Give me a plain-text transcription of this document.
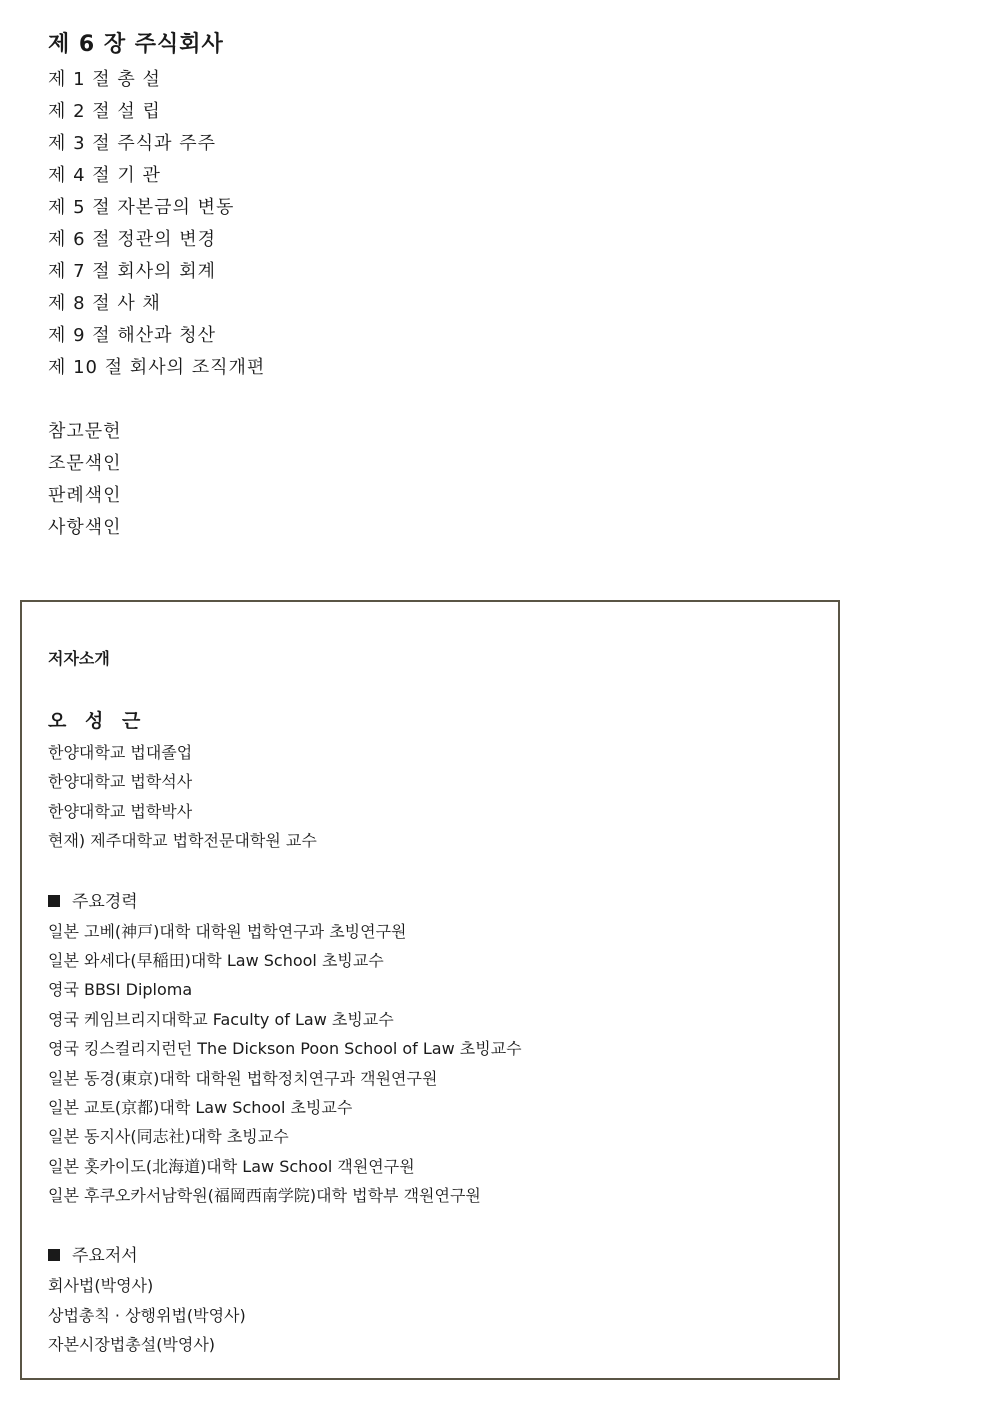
제 6 장 주식회사
제 1 절 총 설
제 2 절 설 립
제 3 절 주식과 주주
제 4 절 기 관
제 5 절 자본금의 변동
제 6 절 정관의 변경
제 7 절 회사의 회계
제 8 절 사 채
제 9 절 해산과 청산
제 10 절 회사의 조직개편
참고문헌
조문색인
판례색인
사항색인
저자소개
오 성 근
한양대학교 법대졸업
한양대학교 법학석사
한양대학교 법학박사
현재) 제주대학교 법학전문대학원 교수
주요경력
일본 고베(神戸)대학 대학원 법학연구과 초빙연구원
일본 와세다(早稲田)대학 Law School 초빙교수
영국 BBSI Diploma
영국 케임브리지대학교 Faculty of Law 초빙교수
영국 킹스컬리지런던 The Dickson Poon School of Law 초빙교수
일본 동경(東京)대학 대학원 법학정치연구과 객원연구원
일본 교토(京都)대학 Law School 초빙교수
일본 동지사(同志社)대학 초빙교수
일본 홋카이도(北海道)대학 Law School 객원연구원
일본 후쿠오카서남학원(福岡西南学院)대학 법학부 객원연구원
주요저서
회사법(박영사)
상법총칙 · 상행위법(박영사)
자본시장법총설(박영사)
